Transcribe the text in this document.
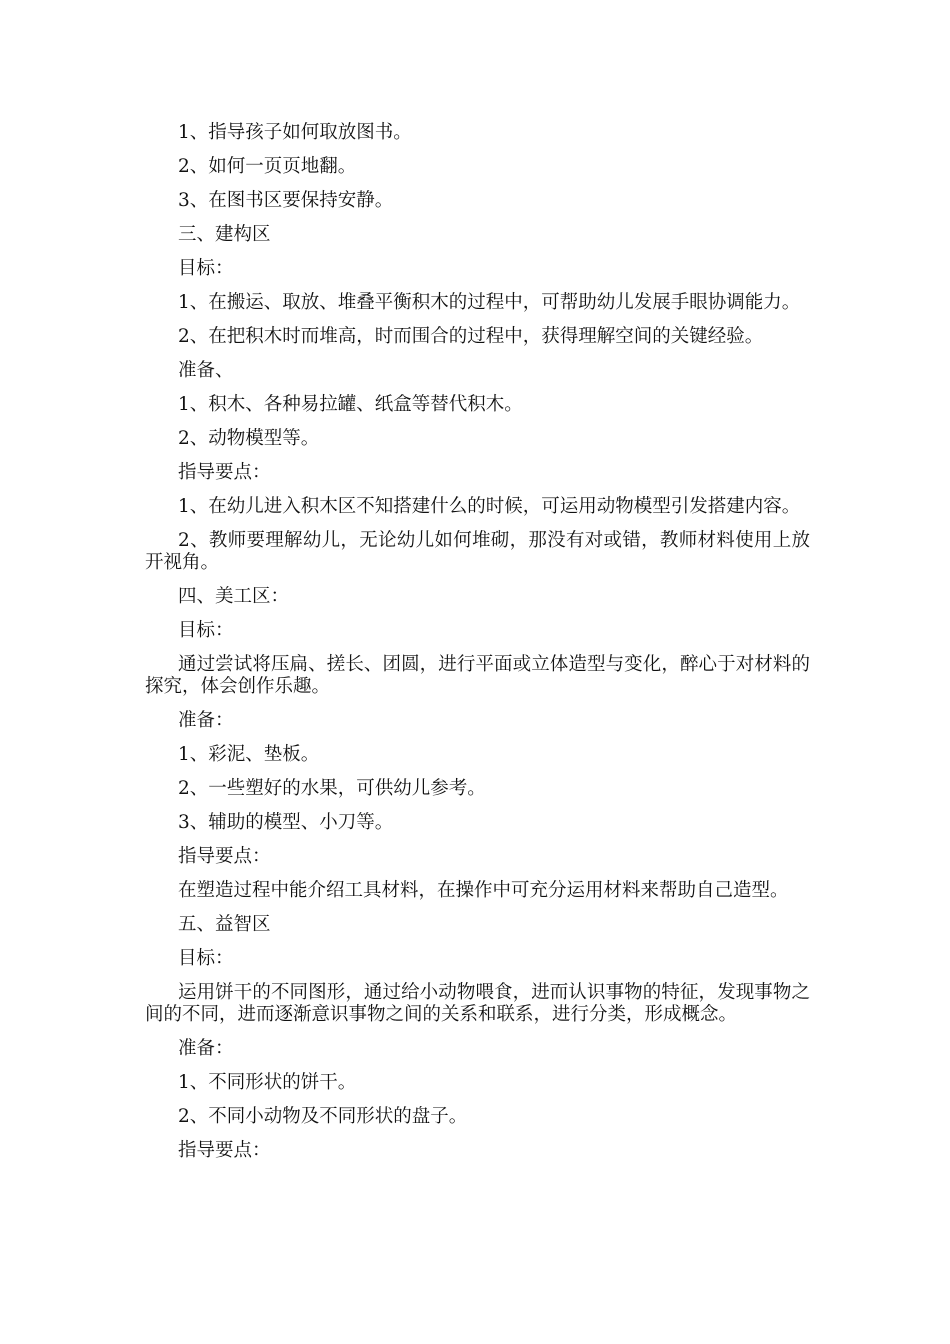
1、指导孩子如何取放图书。

2、如何一页页地翻。

3、在图书区要保持安静。

三、建构区

目标：

1、在搬运、取放、堆叠平衡积木的过程中，可帮助幼儿发展手眼协调能力。

2、在把积木时而堆高，时而围合的过程中，获得理解空间的关键经验。

准备、

1、积木、各种易拉罐、纸盒等替代积木。

2、动物模型等。

指导要点：

1、在幼儿进入积木区不知搭建什么的时候，可运用动物模型引发搭建内容。

2、教师要理解幼儿，无论幼儿如何堆砌，那没有对或错，教师材料使用上放开视角。

四、美工区：

目标：

通过尝试将压扁、搓长、团圆，进行平面或立体造型与变化，醉心于对材料的探究，体会创作乐趣。

准备：

1、彩泥、垫板。

2、一些塑好的水果，可供幼儿参考。

3、辅助的模型、小刀等。

指导要点：

在塑造过程中能介绍工具材料，在操作中可充分运用材料来帮助自己造型。

五、益智区

目标：

运用饼干的不同图形，通过给小动物喂食，进而认识事物的特征，发现事物之间的不同，进而逐渐意识事物之间的关系和联系，进行分类，形成概念。

准备：

1、不同形状的饼干。

2、不同小动物及不同形状的盘子。

指导要点：
